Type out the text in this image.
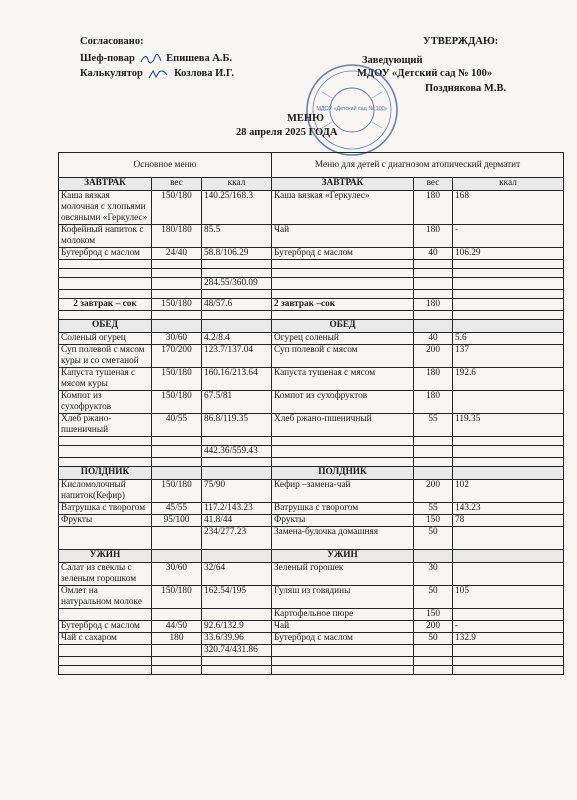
Согласовано:
Шеф-повар	Епишева А.Б.
Калькулятор	Козлова И.Г.
УТВЕРЖДАЮ:
Заведующий
МДОУ «Детский сад № 100»
Позднякова М.В.
МДОУ «Детский сад № 100»
МЕНЮ
28 апреля 2025 ГОДА
Основное меню			Меню для детей с диагнозом атопический дерматит		
ЗАВТРАК	вес	ккал	ЗАВТРАК	вес	ккал
Каша вязкая молочная с хлопьями овсяными «Геркулес»	150/180	140.25/168.3	Каша вязкая «Геркулес»	180	168
Кофейный напиток с молоком	180/180	85.5	Чай	180	-
Бутерброд с маслом	24/40	58.8/106.29	Бутерброд с маслом	40	106.29

		284.55/360.09			

2 завтрак – сок	150/180	48/57.6	2 завтрак –сок	180	

ОБЕД			ОБЕД		
Соленый огурец	30/60	4.2/8.4	Огурец соленый	40	5.6
Суп полевой с мясом куры и со сметаной	170/200	123.7/137.04	Суп полевой с мясом	200	137
Капуста тушеная с мясом куры	150/180	160.16/213.64	Капуста тушеная с мясом	180	192.6
Компот из сухофруктов	150/180	67.5/81	Компот из сухофруктов	180	
Хлеб ржано-пшеничный	40/55	86.8/119.35	Хлеб ржано-пшеничный	55	119.35

		442.36/559.43			

ПОЛДНИК			ПОЛДНИК		
Кисломолочный напиток(Кефир)	150/180	75/90	Кефир –замена-чай	200	102
Ватрушка с творогом	45/55	117.2/143.23	Ватрушка с творогом	55	143.23
Фрукты	95/100	41.8/44	Фрукты	150	78
		234/277.23	Замена-булочка домашняя	50	
УЖИН			УЖИН		
Салат из свеклы с зеленым горошком	30/60	32/64	Зеленый горошек	30	
Омлет на натуральном молоке	150/180	162.54/195	Гуляш из говядины	50	105
			Картофельное пюре	150	
Бутерброд с маслом	44/50	92.6/132.9	Чай	200	-
Чай с сахаром	180	33.6/39.96	Бутерброд с маслом	50	132.9
		320.74/431.86			
